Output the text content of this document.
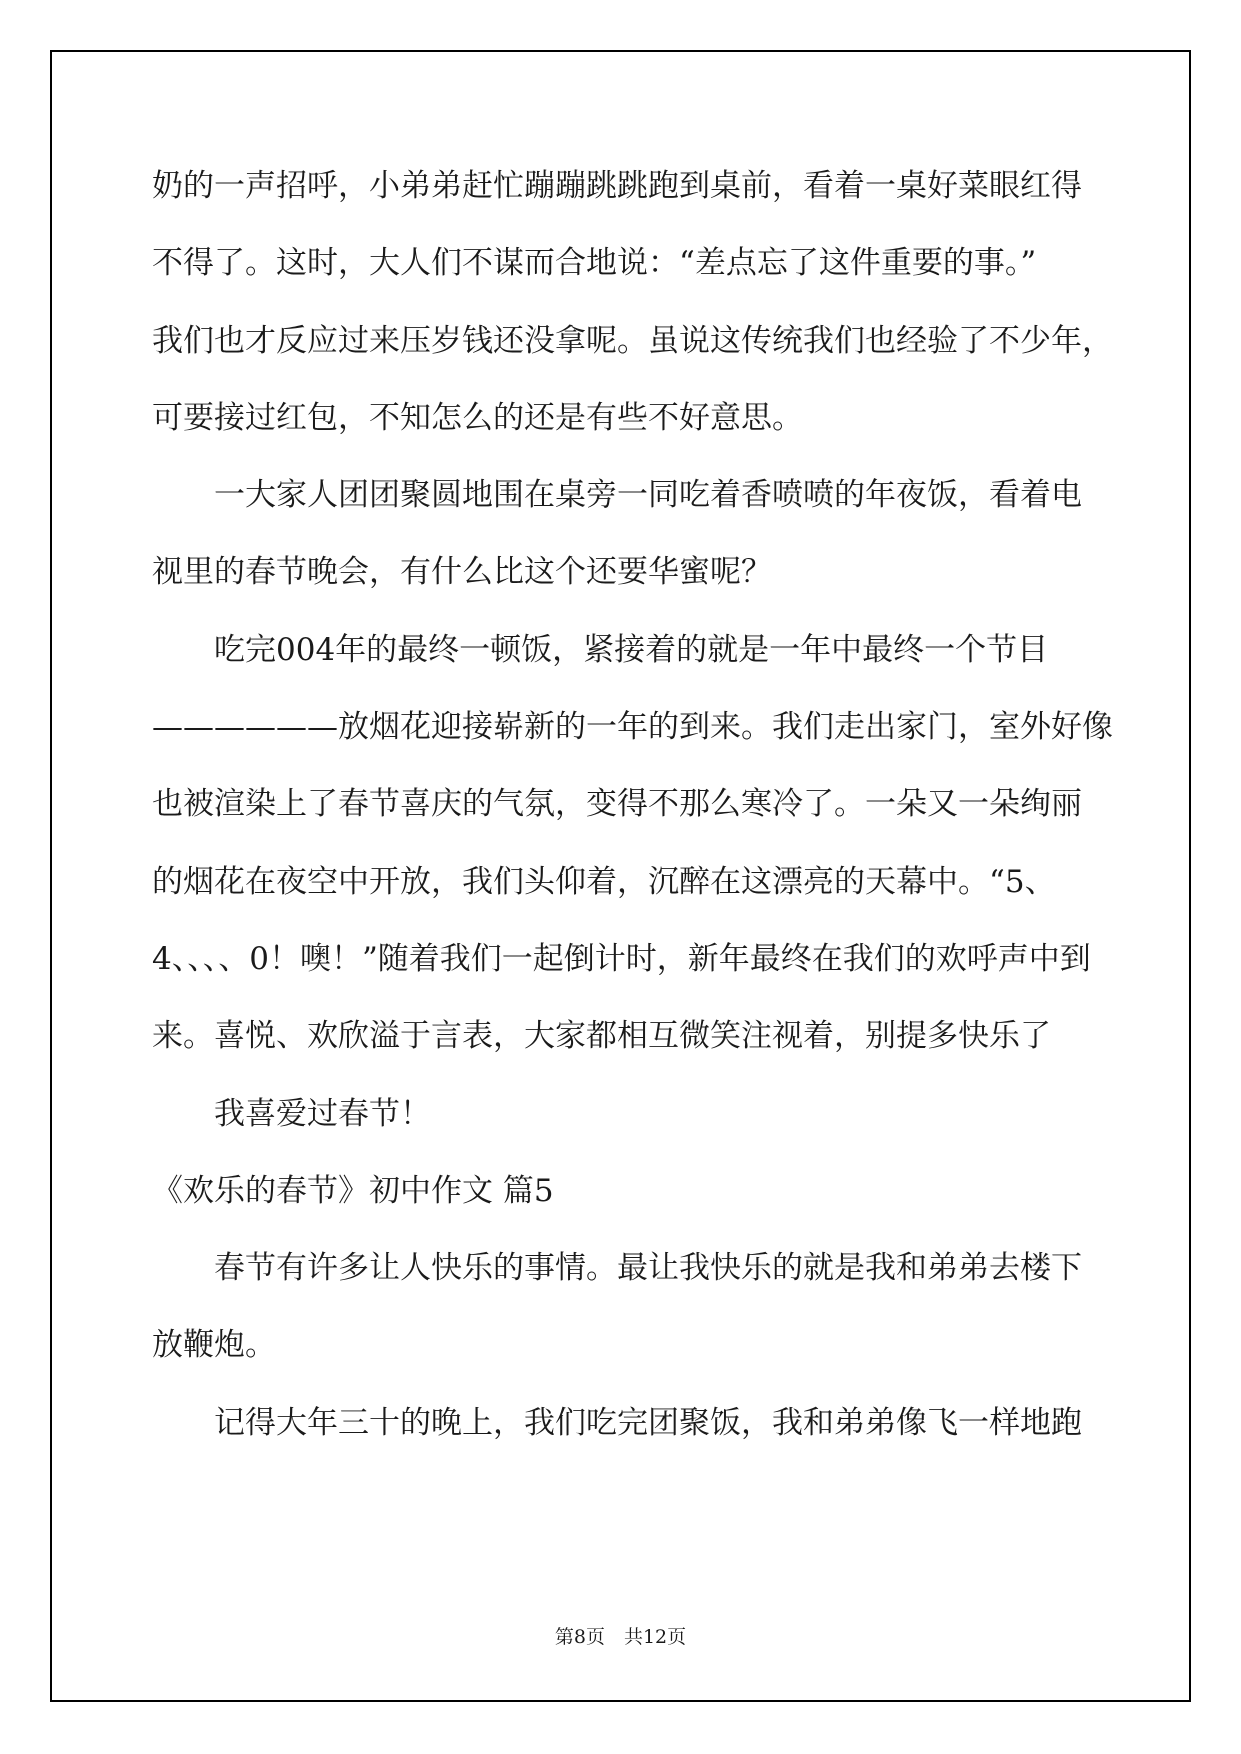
奶的一声招呼，小弟弟赶忙蹦蹦跳跳跑到桌前，看着一桌好菜眼红得

不得了。这时，大人们不谋而合地说：“差点忘了这件重要的事。”

我们也才反应过来压岁钱还没拿呢。虽说这传统我们也经验了不少年，

可要接过红包，不知怎么的还是有些不好意思。

　　一大家人团团聚圆地围在桌旁一同吃着香喷喷的年夜饭，看着电

视里的春节晚会，有什么比这个还要华蜜呢？

　　吃完004年的最终一顿饭，紧接着的就是一年中最终一个节目

——————放烟花迎接崭新的一年的到来。我们走出家门，室外好像

也被渲染上了春节喜庆的气氛，变得不那么寒冷了。一朵又一朵绚丽

的烟花在夜空中开放，我们头仰着，沉醉在这漂亮的天幕中。“5、

4、、、、0！噢！”随着我们一起倒计时，新年最终在我们的欢呼声中到

来。喜悦、欢欣溢于言表，大家都相互微笑注视着，别提多快乐了

　　我喜爱过春节！

《欢乐的春节》初中作文 篇5

　　春节有许多让人快乐的事情。最让我快乐的就是我和弟弟去楼下

放鞭炮。

　　记得大年三十的晚上，我们吃完团聚饭，我和弟弟像飞一样地跑

第8页　共12页
